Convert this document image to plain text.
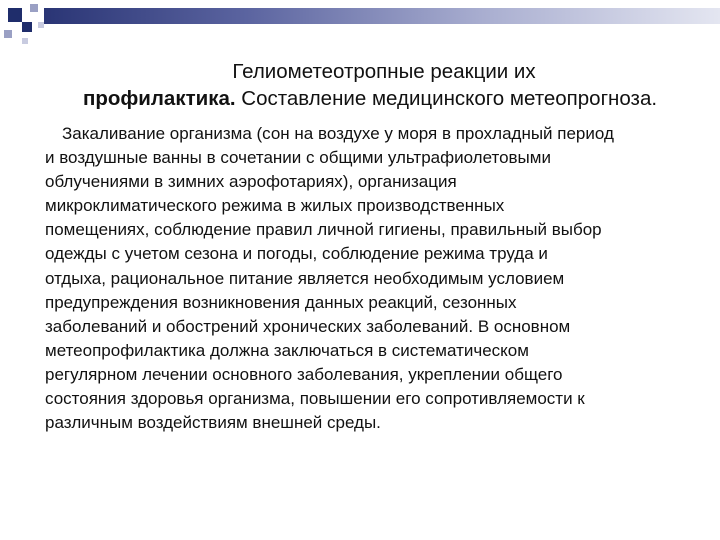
Гелиометеотропные реакции их
профилактика. Составление медицинского метеопрогноза.
Закаливание организма (сон на воздухе у моря в прохладный период
и воздушные ванны в сочетании с общими ультрафиолетовыми
облучениями в зимних аэрофотариях), организация
микроклиматического режима в жилых производственных
помещениях, соблюдение правил личной гигиены, правильный выбор
одежды с учетом сезона и погоды, соблюдение режима труда и
отдыха, рациональное питание является необходимым условием
предупреждения возникновения данных реакций, сезонных
заболеваний и обострений хронических заболеваний. В основном
метеопрофилактика должна заключаться в систематическом
регулярном лечении основного заболевания, укреплении общего
состояния здоровья организма, повышении его сопротивляемости к
различным воздействиям внешней среды.
